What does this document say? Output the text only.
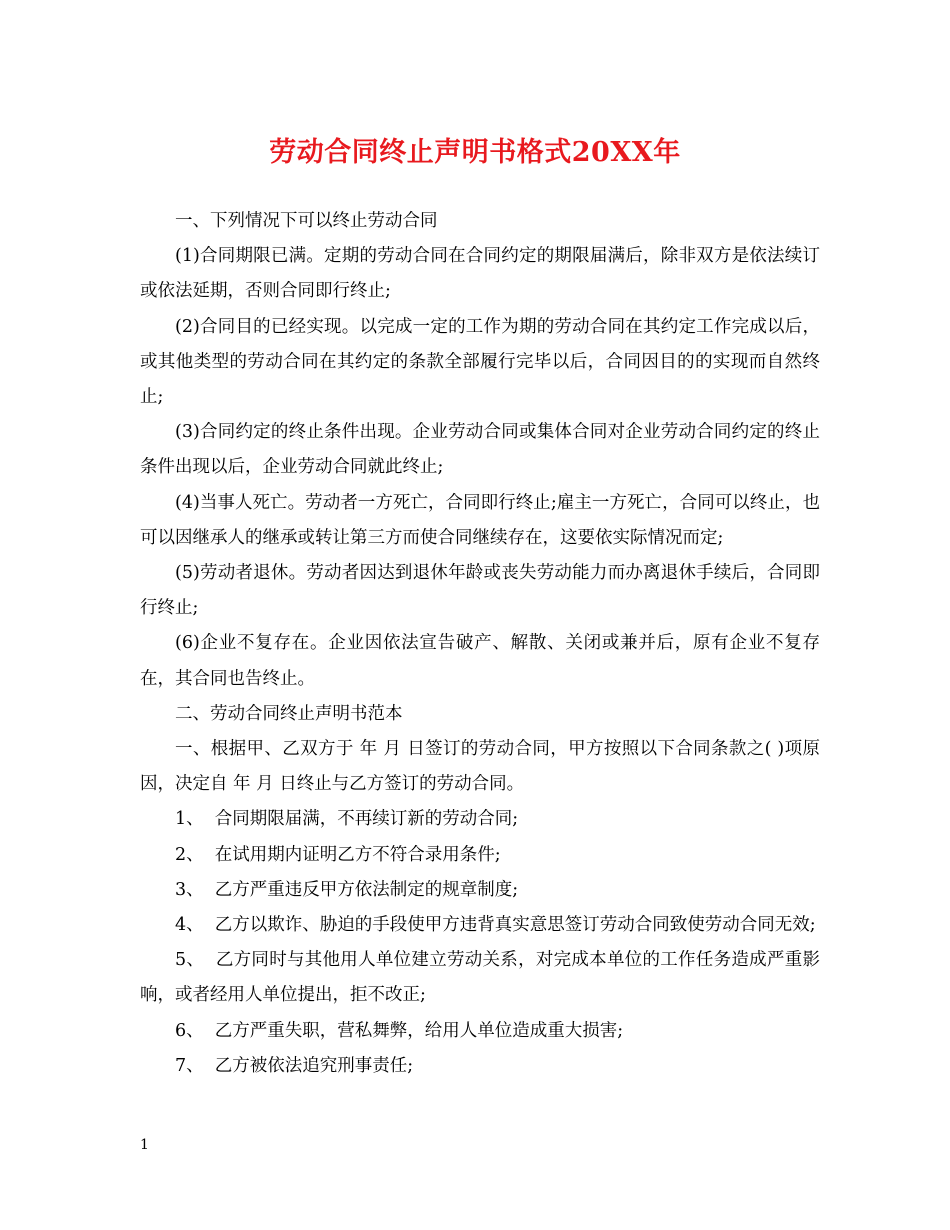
劳动合同终止声明书格式20XX年

一、下列情况下可以终止劳动合同

(1)合同期限已满。定期的劳动合同在合同约定的期限届满后，除非双方是依法续订或依法延期，否则合同即行终止;

(2)合同目的已经实现。以完成一定的工作为期的劳动合同在其约定工作完成以后，或其他类型的劳动合同在其约定的条款全部履行完毕以后，合同因目的的实现而自然终止;

(3)合同约定的终止条件出现。企业劳动合同或集体合同对企业劳动合同约定的终止条件出现以后，企业劳动合同就此终止;

(4)当事人死亡。劳动者一方死亡，合同即行终止;雇主一方死亡，合同可以终止，也可以因继承人的继承或转让第三方而使合同继续存在，这要依实际情况而定;

(5)劳动者退休。劳动者因达到退休年龄或丧失劳动能力而办离退休手续后，合同即行终止;

(6)企业不复存在。企业因依法宣告破产、解散、关闭或兼并后，原有企业不复存在，其合同也告终止。

二、劳动合同终止声明书范本

一、根据甲、乙双方于 年 月 日签订的劳动合同，甲方按照以下合同条款之( )项原因，决定自 年 月 日终止与乙方签订的劳动合同。

1、 合同期限届满，不再续订新的劳动合同;

2、 在试用期内证明乙方不符合录用条件;

3、 乙方严重违反甲方依法制定的规章制度;

4、 乙方以欺诈、胁迫的手段使甲方违背真实意思签订劳动合同致使劳动合同无效;

5、 乙方同时与其他用人单位建立劳动关系，对完成本单位的工作任务造成严重影响，或者经用人单位提出，拒不改正;

6、 乙方严重失职，营私舞弊，给用人单位造成重大损害;

7、 乙方被依法追究刑事责任;

1
